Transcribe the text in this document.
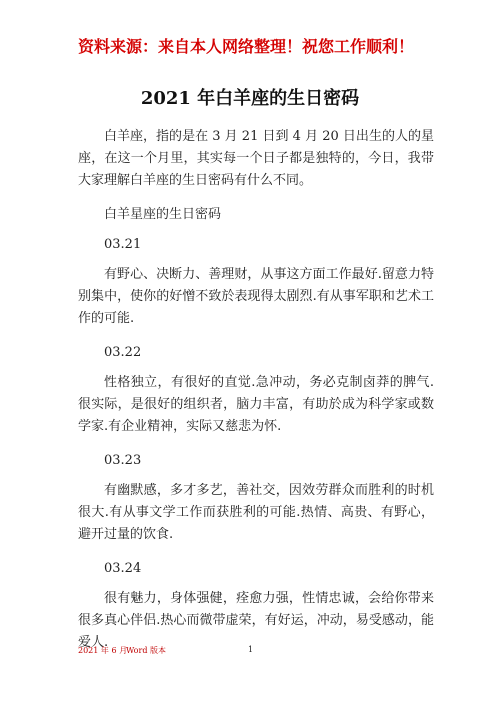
资料来源：来自本人网络整理！祝您工作顺利！
2021 年白羊座的生日密码

白羊座，指的是在 3 月 21 日到 4 月 20 日出生的人的星座，在这一个月里，其实每一个日子都是独特的，今日，我带大家理解白羊座的生日密码有什么不同。

白羊星座的生日密码

03.21

有野心、决断力、善理财，从事这方面工作最好.留意力特别集中，使你的好憎不致於表现得太剧烈.有从事军职和艺术工作的可能.

03.22

性格独立，有很好的直觉.急冲动，务必克制卤莽的脾气.很实际，是很好的组织者，脑力丰富，有助於成为科学家或数学家.有企业精神，实际又慈悲为怀.

03.23

有幽默感，多才多艺，善社交，因效劳群众而胜利的时机很大.有从事文学工作而获胜利的可能.热情、高贵、有野心，避开过量的饮食.

03.24

很有魅力，身体强健，痊愈力强，性情忠诚，会给你带来很多真心伴侣.热心而微带虚荣，有好运，冲动，易受感动，能爱人.

2021 年 6 月
Word 版本	1
